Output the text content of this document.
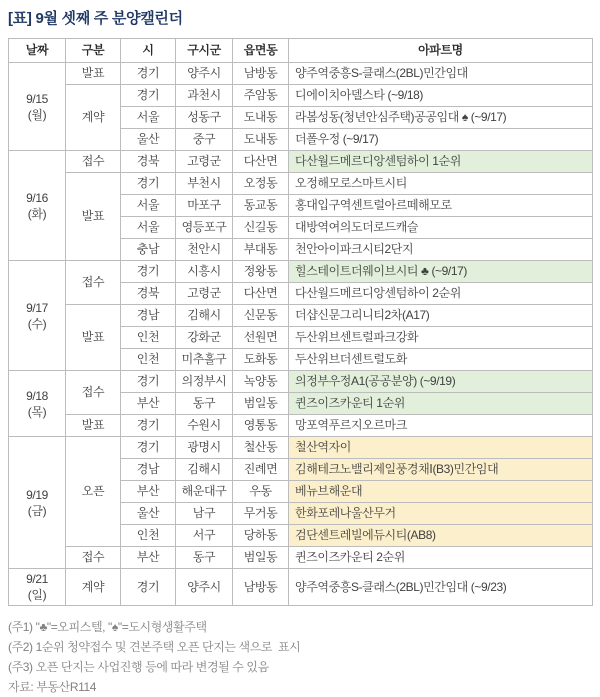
[표] 9월 셋째 주 분양캘린더
날짜	구분	시	구시군	읍면동	아파트명

9/15
(월)	발표	경기	양주시	남방동	양주역중흥S-클래스(2BL)민간임대
	계약	경기	과천시	주암동	디에이치아델스타 (~9/18)
		서울	성동구	도내동	라봄성동(청년안심주택)공공임대 ♠ (~9/17)
		울산	중구	도내동	더폴우정 (~9/17)

9/16
(화)	접수	경북	고령군	다산면	다산월드메르디앙센텀하이 1순위
	발표	경기	부천시	오정동	오정해모로스마트시티
		서울	마포구	동교동	홍대입구역센트럴아르떼해모로
		서울	영등포구	신길동	대방역여의도더로드캐슬
		충남	천안시	부대동	천안아이파크시티2단지

9/17
(수)	접수	경기	시흥시	정왕동	힐스테이트더웨이브시티 ♣ (~9/17)
		경북	고령군	다산면	다산월드메르디앙센텀하이 2순위
	발표	경남	김해시	신문동	더샵신문그리니티2차(A17)
		인천	강화군	선원면	두산위브센트럴파크강화
		인천	미추홀구	도화동	두산위브더센트럴도화

9/18
(목)	접수	경기	의정부시	녹양동	의정부우정A1(공공분양) (~9/19)
		부산	동구	범일동	퀸즈이즈카운티 1순위
	발표	경기	수원시	영통동	망포역푸르지오르마크

9/19
(금)	오픈	경기	광명시	철산동	철산역자이
		경남	김해시	진례면	김해테크노밸리제일풍경채Ⅰ(B3)민간임대
		부산	해운대구	우동	베뉴브해운대
		울산	남구	무거동	한화포레나울산무거
		인천	서구	당하동	검단센트레빌에듀시티(AB8)
	접수	부산	동구	범일동	퀸즈이즈카운티 2순위

9/21
(일)	계약	경기	양주시	남방동	양주역중흥S-클래스(2BL)민간임대 (~9/23)
(주1) "♣"=오피스텔, "♠"=도시형생활주택
(주2) 1순위 청약접수 및 견본주택 오픈 단지는 색으로  표시
(주3) 오픈 단지는 사업진행 등에 따라 변경될 수 있음
자료: 부동산R114
